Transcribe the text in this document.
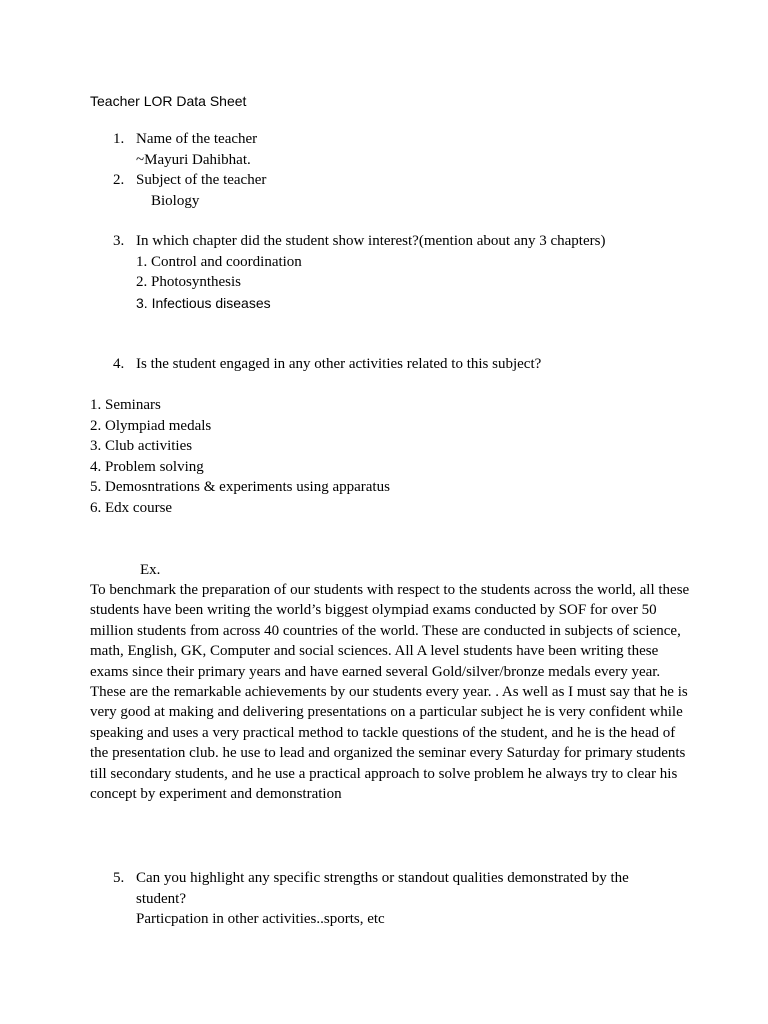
Teacher LOR Data Sheet
1. Name of the teacher
~Mayuri Dahibhat.
2. Subject of the teacher
Biology
3. In which chapter did the student show interest?(mention about any 3 chapters)
1. Control and coordination
2. Photosynthesis
3. Infectious diseases
4. Is the student engaged in any other activities related to this subject?
1. Seminars
2. Olympiad medals
3. Club activities
4. Problem solving
5. Demosntrations & experiments using apparatus
6. Edx course
Ex.
To benchmark the preparation of our students with respect to the students across the world, all these students have been writing the world’s biggest olympiad exams conducted by SOF for over 50 million students from across 40 countries of the world. These are conducted in subjects of science, math, English, GK, Computer and social sciences. All A level students have been writing these exams since their primary years and have earned several Gold/silver/bronze medals every year. These are the remarkable achievements by our students every year. . As well as I must say that he is very good at making and delivering presentations on a particular subject he is very confident while speaking and uses a very practical method to tackle questions of the student, and he is the head of the presentation club. he use to lead and organized the seminar every Saturday for primary students till secondary students, and he use a practical approach to solve problem he always try to clear his concept by experiment and demonstration
5. Can you highlight any specific strengths or standout qualities demonstrated by the
student?
Particpation in other activities..sports, etc
